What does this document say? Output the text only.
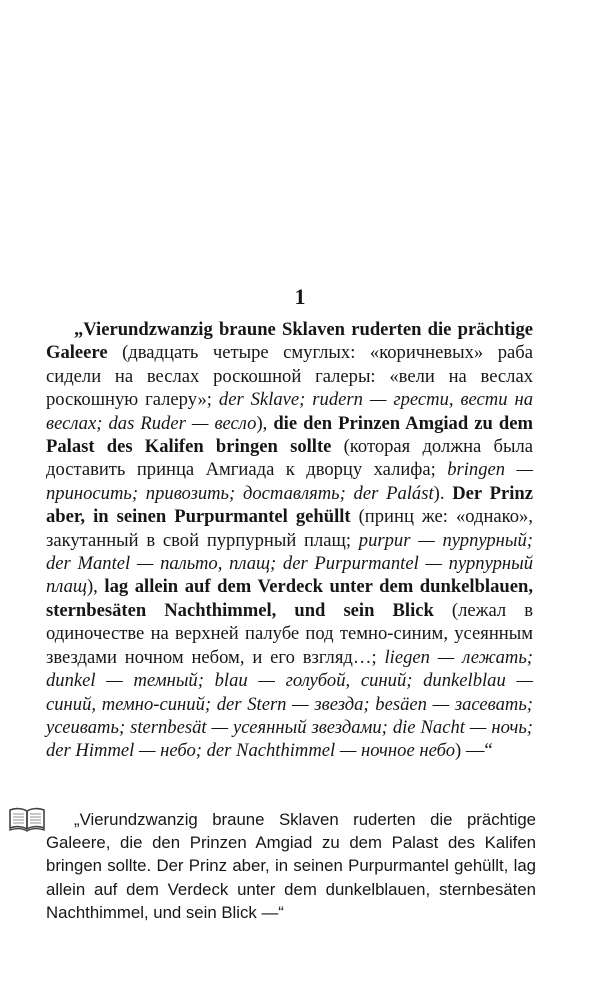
1

„Vierundzwanzig braune Sklaven ruderten die prächtige Galeere (двадцать четыре смуглых: «коричневых» раба сидели на веслах роскошной галеры: «вели на веслах роскошную галеру»; der Sklave; rudern — грести, вести на веслах; das Ruder — весло), die den Prinzen Amgiad zu dem Palast des Kalifen bringen sollte (которая должна была доставить принца Амгиада к дворцу халифа; bringen — приносить; привозить; доставлять; der Palást). Der Prinz aber, in seinen Purpurmantel gehüllt (принц же: «однако», закутанный в свой пурпурный плащ; purpur — пурпурный; der Mantel — пальто, плащ; der Purpurmantel — пурпурный плащ), lag allein auf dem Verdeck unter dem dunkelblauen, sternbesäten Nachthimmel, und sein Blick (лежал в одиночестве на верхней палубе под темно-синим, усеянным звездами ночном небом, и его взгляд…; liegen — лежать; dunkel — темный; blau — голубой, синий; dunkelblau — синий, темно-синий; der Stern — звезда; besäen — засевать; усеивать; sternbesät — усеянный звездами; die Nacht — ночь; der Himmel — небо; der Nachthimmel — ночное небо) —“

„Vierundzwanzig braune Sklaven ruderten die prächtige Galeere, die den Prinzen Amgiad zu dem Palast des Kalifen bringen sollte. Der Prinz aber, in seinen Purpurmantel gehüllt, lag allein auf dem Verdeck unter dem dunkelblauen, sternbesäten Nachthimmel, und sein Blick —“
